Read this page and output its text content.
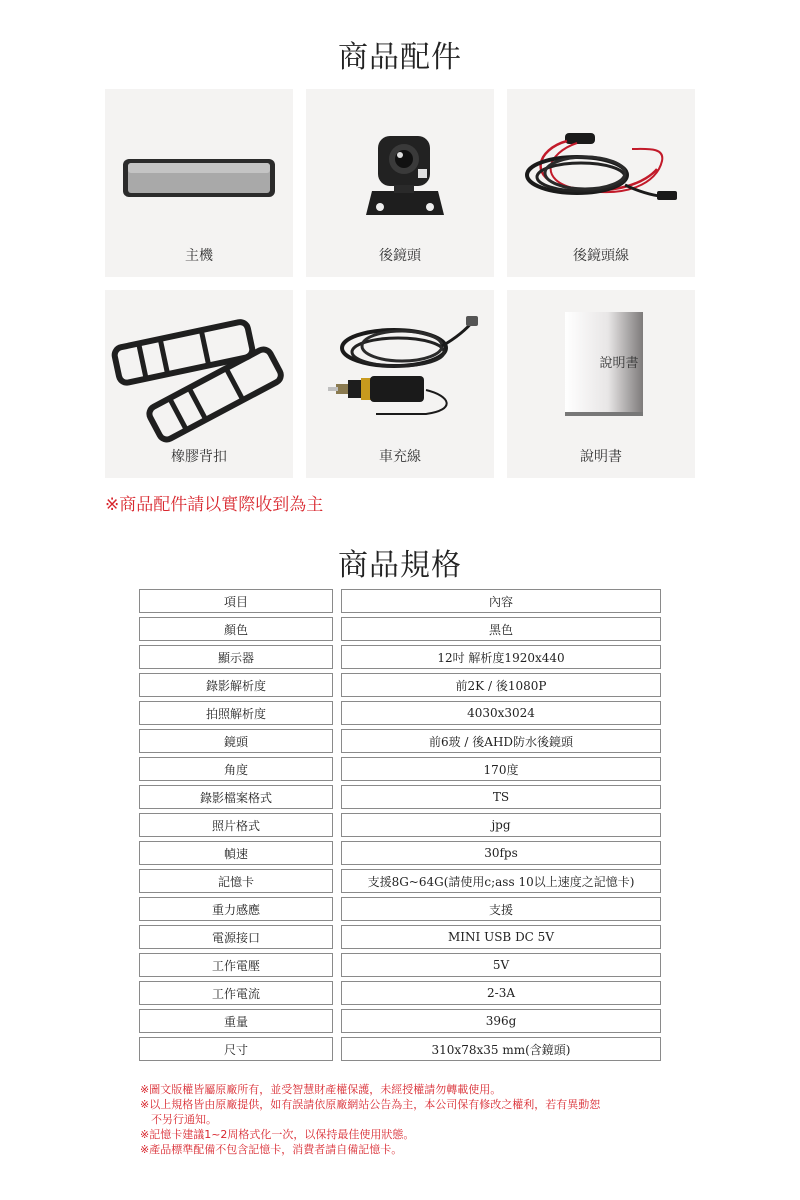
商品配件
主機	後鏡頭	後鏡頭線
橡膠背扣	車充線
說明書
說明書
※商品配件請以實際收到為主
商品規格
項目		內容
顏色		黑色
顯示器		12吋 解析度1920x440
錄影解析度		前2K / 後1080P
拍照解析度		4030x3024
鏡頭		前6玻 / 後AHD防水後鏡頭
角度		170度
錄影檔案格式		TS
照片格式		jpg
幀速		30fps
記憶卡		支援8G~64G(請使用c;ass 10以上速度之記憶卡)
重力感應		支援
電源接口		MINI USB DC 5V
工作電壓		5V
工作電流		2-3A
重量		396g
尺寸		310x78x35 mm(含鏡頭)
※圖文版權皆屬原廠所有，並受智慧財產權保護，未經授權請勿轉載使用。
※以上規格皆由原廠提供，如有誤請依原廠網站公告為主，本公司保有修改之權利，若有異動恕
　不另行通知。
※記憶卡建議1~2周格式化一次，以保持最佳使用狀態。
※產品標準配備不包含記憶卡，消費者請自備記憶卡。
